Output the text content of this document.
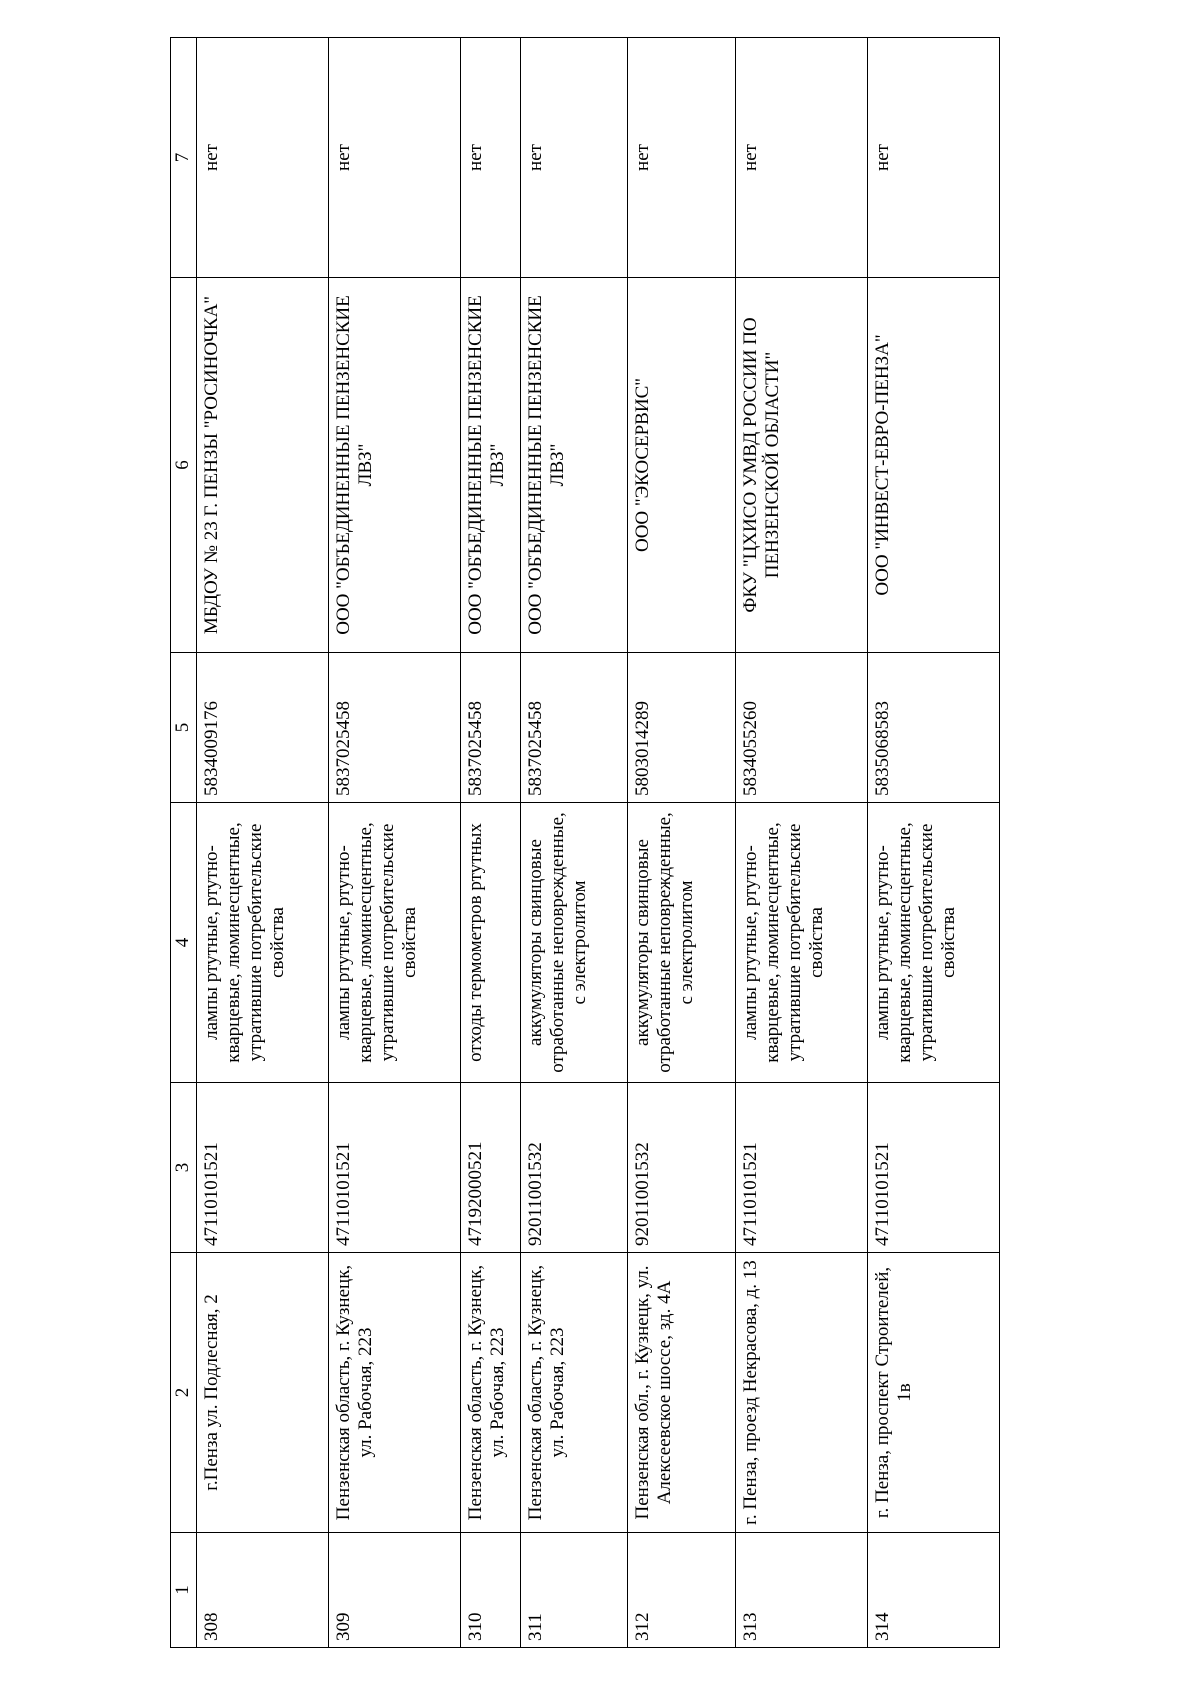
1	2	3	4	5	6	7
308	г.Пенза ул. Подлесная, 2	47110101521	лампы ртутные, ртутно-кварцевые, люминесцентные, утратившие потребительские свойства	5834009176	МБДОУ № 23 Г. ПЕНЗЫ "РОСИНОЧКА"	нет
309	Пензенская область, г. Кузнецк, ул. Рабочая, 223	47110101521	лампы ртутные, ртутно-кварцевые, люминесцентные, утратившие потребительские свойства	5837025458	ООО "ОБЪЕДИНЕННЫЕ ПЕНЗЕНСКИЕ ЛВЗ"	нет
310	Пензенская область, г. Кузнецк, ул. Рабочая, 223	47192000521	отходы термометров ртутных	5837025458	ООО "ОБЪЕДИНЕННЫЕ ПЕНЗЕНСКИЕ ЛВЗ"	нет
311	Пензенская область, г. Кузнецк, ул. Рабочая, 223	92011001532	аккумуляторы свинцовые отработанные неповрежденные, с электролитом	5837025458	ООО "ОБЪЕДИНЕННЫЕ ПЕНЗЕНСКИЕ ЛВЗ"	нет
312	Пензенская обл., г. Кузнецк, ул. Алексеевское шоссе, зд. 4А	92011001532	аккумуляторы свинцовые отработанные неповрежденные, с электролитом	5803014289	ООО "ЭКОСЕРВИС"	нет
313	г. Пенза, проезд Некрасова, д. 13	47110101521	лампы ртутные, ртутно-кварцевые, люминесцентные, утратившие потребительские свойства	5834055260	ФКУ "ЦХИСО УМВД РОССИИ ПО ПЕНЗЕНСКОЙ ОБЛАСТИ"	нет
314	г. Пенза, проспект Строителей, 1в	47110101521	лампы ртутные, ртутно-кварцевые, люминесцентные, утратившие потребительские свойства	5835068583	ООО "ИНВЕСТ-ЕВРО-ПЕНЗА"	нет
